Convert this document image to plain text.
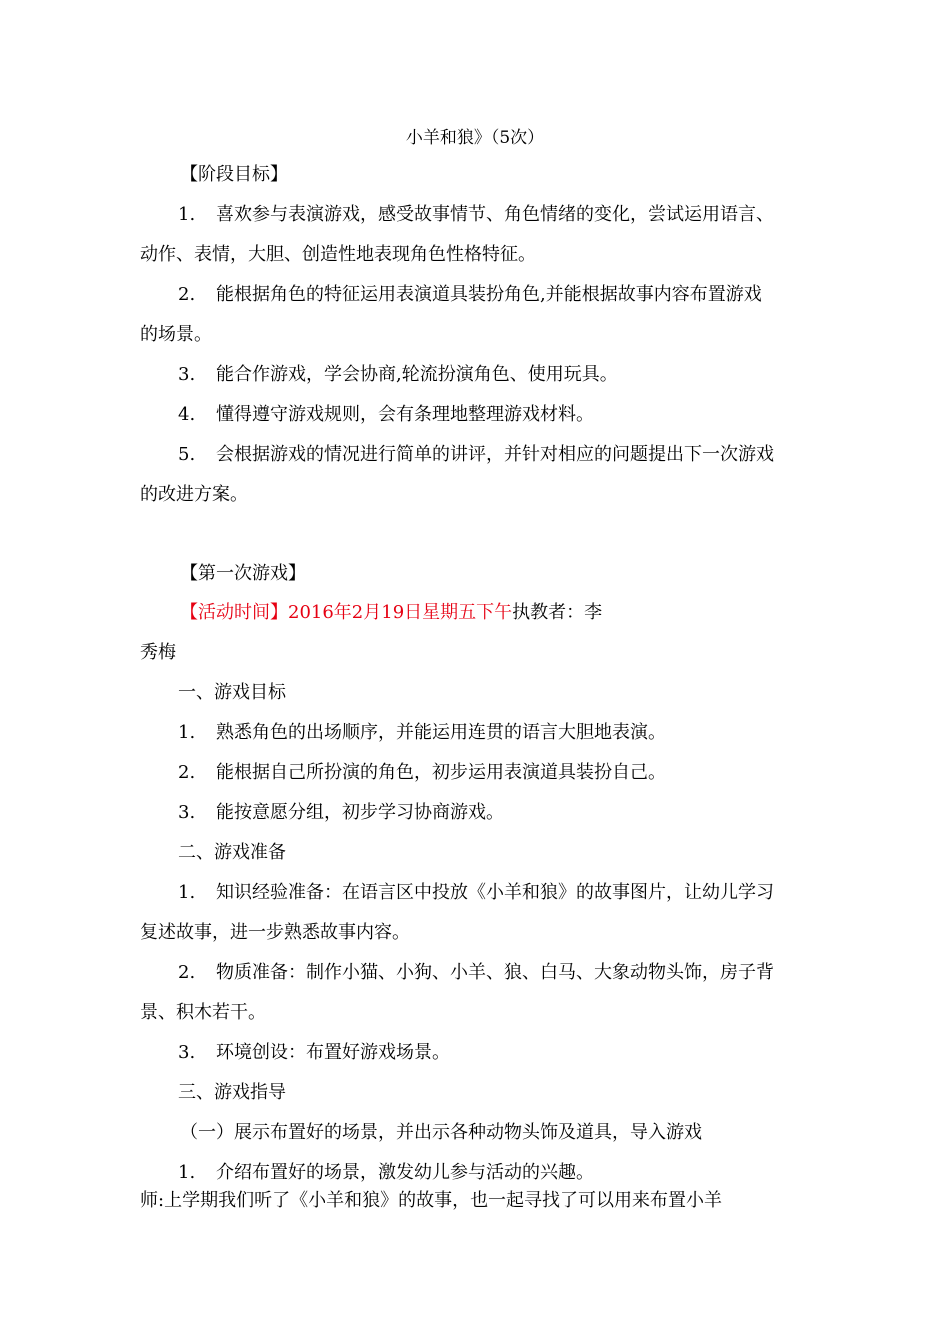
小羊和狼》（5次）
【阶段目标】
1. 喜欢参与表演游戏，感受故事情节、角色情绪的变化，尝试运用语言、
动作、表情，大胆、创造性地表现角色性格特征。
2. 能根据角色的特征运用表演道具装扮角色,并能根据故事内容布置游戏
的场景。
3. 能合作游戏，学会协商,轮流扮演角色、使用玩具。
4. 懂得遵守游戏规则，会有条理地整理游戏材料。
5. 会根据游戏的情况进行简单的讲评，并针对相应的问题提出下一次游戏
的改进方案。
【第一次游戏】
【活动时间】2016年2月19日星期五下午执教者：李
秀梅
一、游戏目标
1. 熟悉角色的出场顺序，并能运用连贯的语言大胆地表演。
2. 能根据自己所扮演的角色，初步运用表演道具装扮自己。
3. 能按意愿分组，初步学习协商游戏。
二、游戏准备
1. 知识经验准备：在语言区中投放《小羊和狼》的故事图片，让幼儿学习
复述故事，进一步熟悉故事内容。
2. 物质准备：制作小猫、小狗、小羊、狼、白马、大象动物头饰，房子背
景、积木若干。
3. 环境创设：布置好游戏场景。
三、游戏指导
（一）展示布置好的场景，并出示各种动物头饰及道具，导入游戏
1. 介绍布置好的场景，激发幼儿参与活动的兴趣。
师:上学期我们听了《小羊和狼》的故事，也一起寻找了可以用来布置小羊
